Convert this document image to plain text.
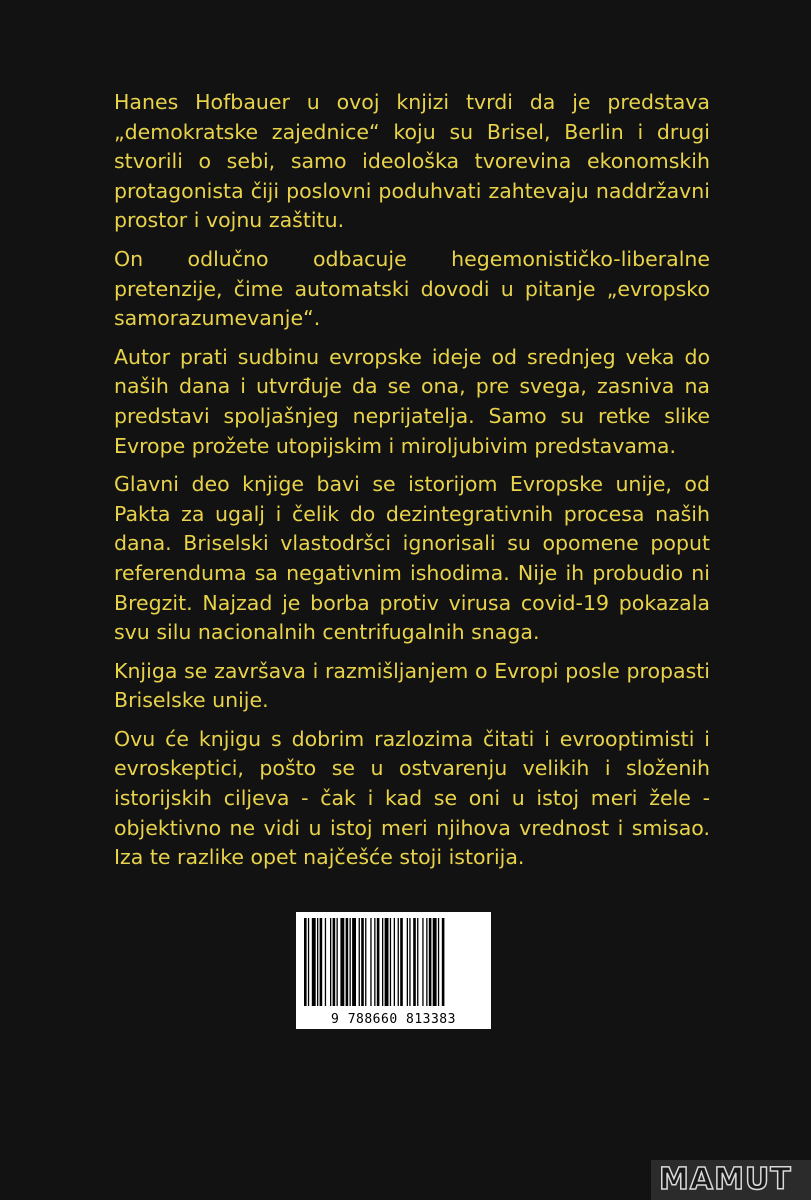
Hanes Hofbauer u ovoj knjizi tvrdi da je predstava „demokratske zajednice“ koju su Brisel, Berlin i drugi stvorili o sebi, samo ideološka tvorevina ekonomskih protagonista čiji poslovni poduhvati zahtevaju naddržavni prostor i vojnu zaštitu.

On odlučno odbacuje hegemonističko-liberalne pretenzije, čime automatski dovodi u pitanje „evropsko samorazumevanje“.

Autor prati sudbinu evropske ideje od srednjeg veka do naših dana i utvrđuje da se ona, pre svega, zasniva na predstavi spoljašnjeg neprijatelja. Samo su retke slike Evrope prožete utopijskim i miroljubivim predstavama.

Glavni deo knjige bavi se istorijom Evropske unije, od Pakta za ugalj i čelik do dezintegrativnih procesa naših dana. Briselski vlastodršci ignorisali su opomene poput referenduma sa negativnim ishodima. Nije ih probudio ni Bregzit. Najzad je borba protiv virusa covid-19 pokazala svu silu nacionalnih centrifugalnih snaga.

Knjiga se završava i razmišljanjem o Evropi posle propasti Briselske unije.

Ovu će knjigu s dobrim razlozima čitati i evrooptimisti i evroskeptici, pošto se u ostvarenju velikih i složenih istorijskih ciljeva - čak i kad se oni u istoj meri žele - objektivno ne vidi u istoj meri njihova vrednost i smisao. Iza te razlike opet najčešće stoji istorija.

9 788660 813383
MAMUT
